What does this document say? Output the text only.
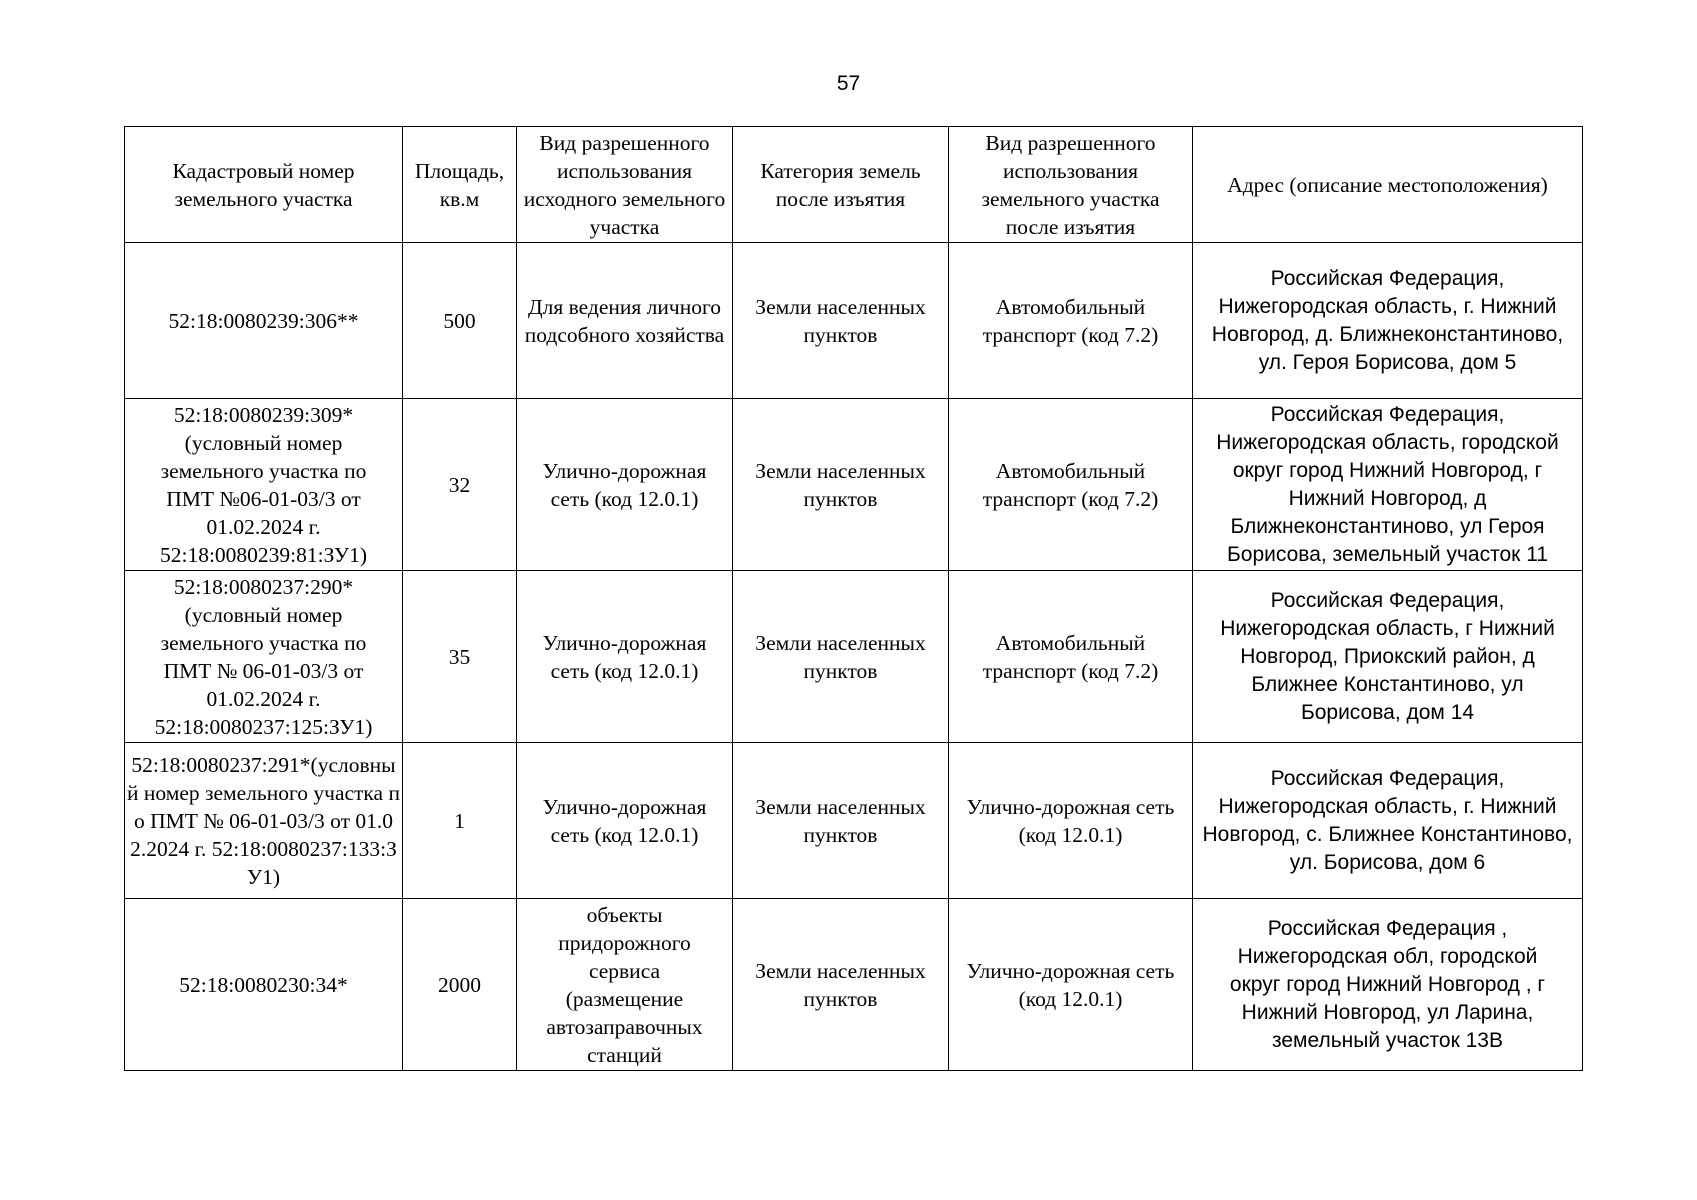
57
Кадастровый номер земельного участка	Площадь, кв.м	Вид разрешенного использования исходного земельного участка	Категория земель после изъятия	Вид разрешенного использования земельного участка после изъятия	Адрес (описание местоположения)
52:18:0080239:306**	500	Для ведения личного подсобного хозяйства	Земли населенных пунктов	Автомобильный транспорт (код 7.2)	Российская Федерация, Нижегородская область, г. Нижний Новгород, д. Ближнеконстантиново, ул. Героя Борисова, дом 5
52:18:0080239:309* (условный номер земельного участка по ПМТ №06-01-03/3 от 01.02.2024 г. 52:18:0080239:81:ЗУ1)	32	Улично-дорожная сеть (код 12.0.1)	Земли населенных пунктов	Автомобильный транспорт (код 7.2)	Российская Федерация, Нижегородская область, городской округ город Нижний Новгород, г Нижний Новгород, д Ближнеконстантиново, ул Героя Борисова, земельный участок 11
52:18:0080237:290* (условный номер земельного участка по ПМТ № 06-01-03/3 от 01.02.2024 г. 52:18:0080237:125:ЗУ1)	35	Улично-дорожная сеть (код 12.0.1)	Земли населенных пунктов	Автомобильный транспорт (код 7.2)	Российская Федерация, Нижегородская область, г Нижний Новгород, Приокский район, д Ближнее Константиново, ул Борисова, дом 14
52:18:0080237:291*(условный номер земельного участка по ПМТ № 06-01-03/3 от 01.02.2024 г. 52:18:0080237:133:ЗУ1)	1	Улично-дорожная сеть (код 12.0.1)	Земли населенных пунктов	Улично-дорожная сеть (код 12.0.1)	Российская Федерация, Нижегородская область, г. Нижний Новгород, с. Ближнее Константиново, ул. Борисова, дом 6
52:18:0080230:34*	2000	объекты придорожного сервиса (размещение автозаправочных станций	Земли населенных пунктов	Улично-дорожная сеть (код 12.0.1)	Российская Федерация , Нижегородская обл, городской округ город Нижний Новгород , г Нижний Новгород, ул Ларина, земельный участок 13В
